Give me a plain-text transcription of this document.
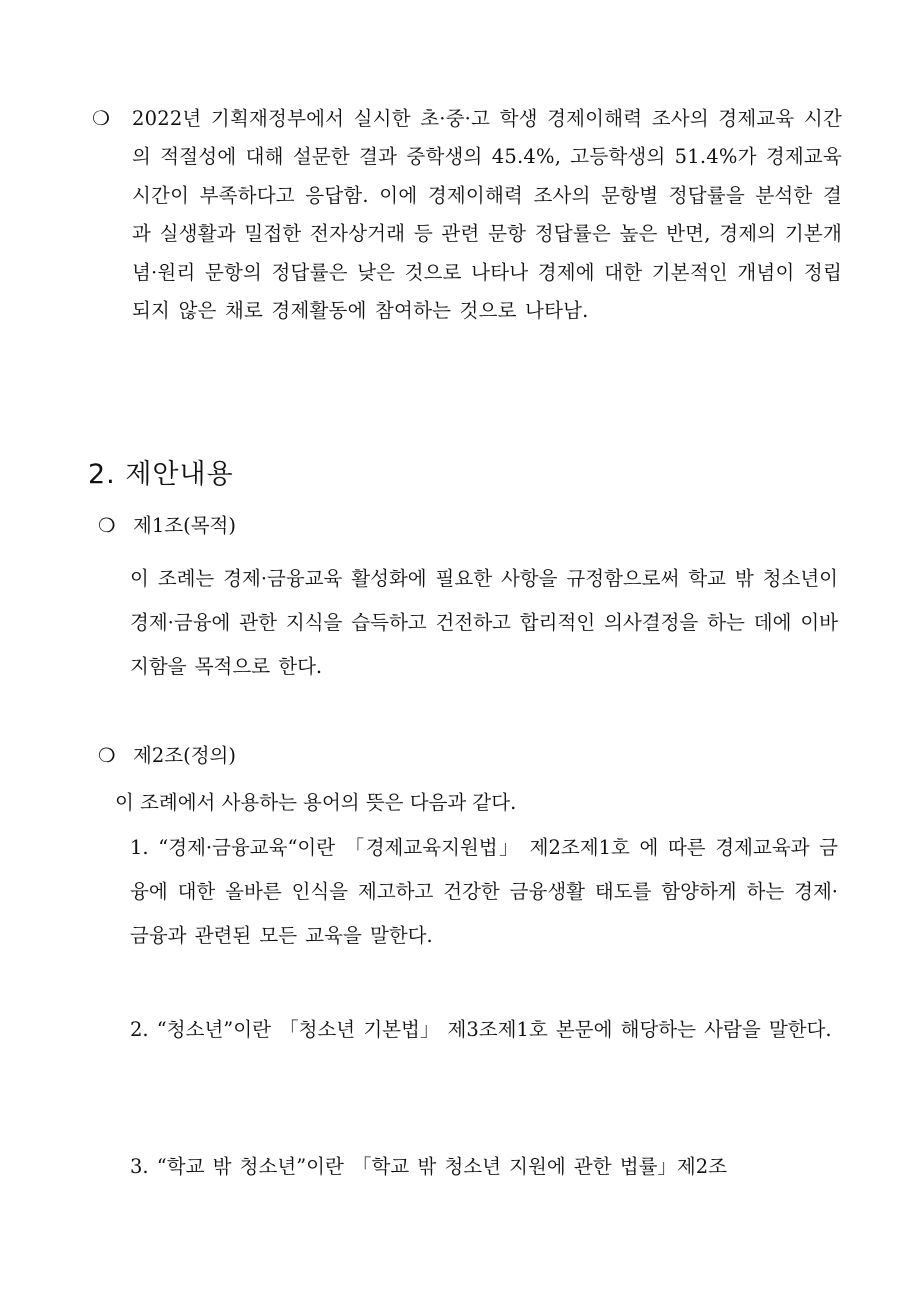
❍ 2022년 기획재정부에서 실시한 초·중·고 학생 경제이해력 조사의 경제교육 시간의 적절성에 대해 설문한 결과 중학생의 45.4%, 고등학생의 51.4%가 경제교육 시간이 부족하다고 응답함. 이에 경제이해력 조사의 문항별 정답률을 분석한 결과 실생활과 밀접한 전자상거래 등 관련 문항 정답률은 높은 반면, 경제의 기본개념·원리 문항의 정답률은 낮은 것으로 나타나 경제에 대한 기본적인 개념이 정립되지 않은 채로 경제활동에 참여하는 것으로 나타남.
2. 제안내용
❍ 제1조(목적)
이 조례는 경제·금융교육 활성화에 필요한 사항을 규정함으로써 학교 밖 청소년이 경제·금융에 관한 지식을 습득하고 건전하고 합리적인 의사결정을 하는 데에 이바지함을 목적으로 한다.
❍ 제2조(정의)
이 조례에서 사용하는 용어의 뜻은 다음과 같다.
1. “경제·금융교육“이란 「경제교육지원법」 제2조제1호 에 따른 경제교육과 금융에 대한 올바른 인식을 제고하고 건강한 금융생활 태도를 함양하게 하는 경제·금융과 관련된 모든 교육을 말한다.
2. “청소년”이란 「청소년 기본법」 제3조제1호 본문에 해당하는 사람을 말한다.
3. “학교 밖 청소년”이란 「학교 밖 청소년 지원에 관한 법률」제2조
